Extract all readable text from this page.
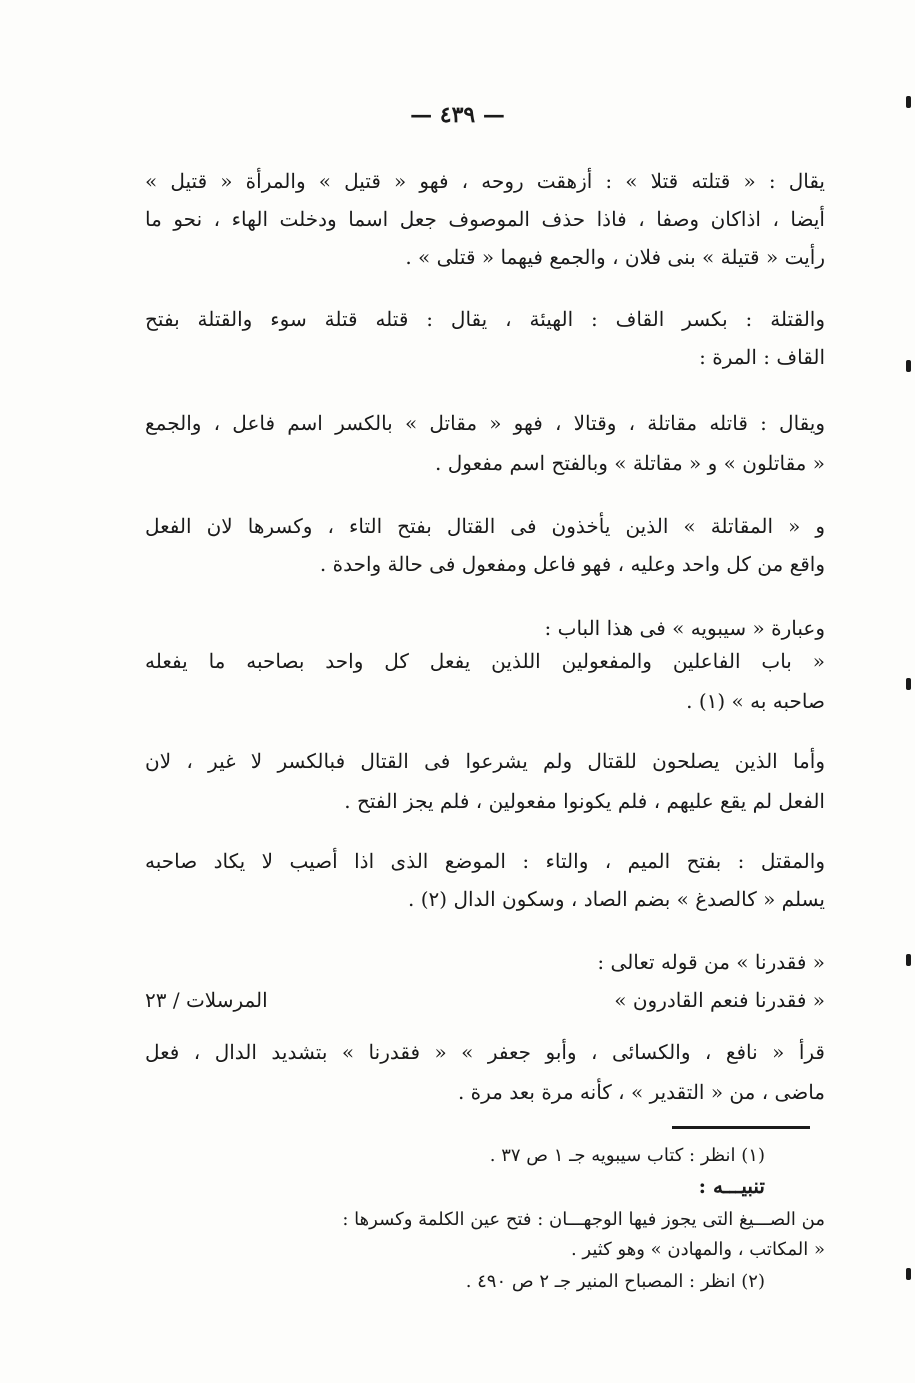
— ٤٣٩ —
يقال : « قتلته قتلا » : أزهقت روحه ، فهو « قتيل » والمرأة « قتيل »
أيضا ، اذاكان وصفا ، فاذا حذف الموصوف جعل اسما ودخلت الهاء ، نحو ما
رأيت « قتيلة » بنى فلان ، والجمع فيهما « قتلى » .
والقتلة : بكسر القاف : الهيئة ، يقال : قتله قتلة سوء والقتلة بفتح
القاف : المرة :
ويقال : قاتله مقاتلة ، وقتالا ، فهو « مقاتل » بالكسر اسم فاعل ، والجمع
« مقاتلون » و « مقاتلة » وبالفتح اسم مفعول .
و « المقاتلة » الذين يأخذون فى القتال بفتح التاء ، وكسرها لان الفعل
واقع من كل واحد وعليه ، فهو فاعل ومفعول فى حالة واحدة .
وعبارة « سيبويه » فى هذا الباب :
« باب الفاعلين والمفعولين اللذين يفعل كل واحد بصاحبه ما يفعله
صاحبه به » (١) .
وأما الذين يصلحون للقتال ولم يشرعوا فى القتال فبالكسر لا غير ، لان
الفعل لم يقع عليهم ، فلم يكونوا مفعولين ، فلم يجز الفتح .
والمقتل : بفتح الميم ، والتاء : الموضع الذى اذا أصيب لا يكاد صاحبه
يسلم « كالصدغ » بضم الصاد ، وسكون الدال (٢) .
« فقدرنا » من قوله تعالى :
« فقدرنا فنعم القادرون »
المرسلات / ٢٣
قرأ « نافع ، والكسائى ، وأبو جعفر » « فقدرنا » بتشديد الدال ، فعل
ماضى ، من « التقدير » ، كأنه مرة بعد مرة .
(١) انظر : كتاب سيبويه جـ ١ ص ٣٧ .
تنبيـــه :
من الصـــيغ التى يجوز فيها الوجهـــان : فتح عين الكلمة وكسرها :
« المكاتب ، والمهادن » وهو كثير .
(٢) انظر : المصباح المنير جـ ٢ ص ٤٩٠ .
